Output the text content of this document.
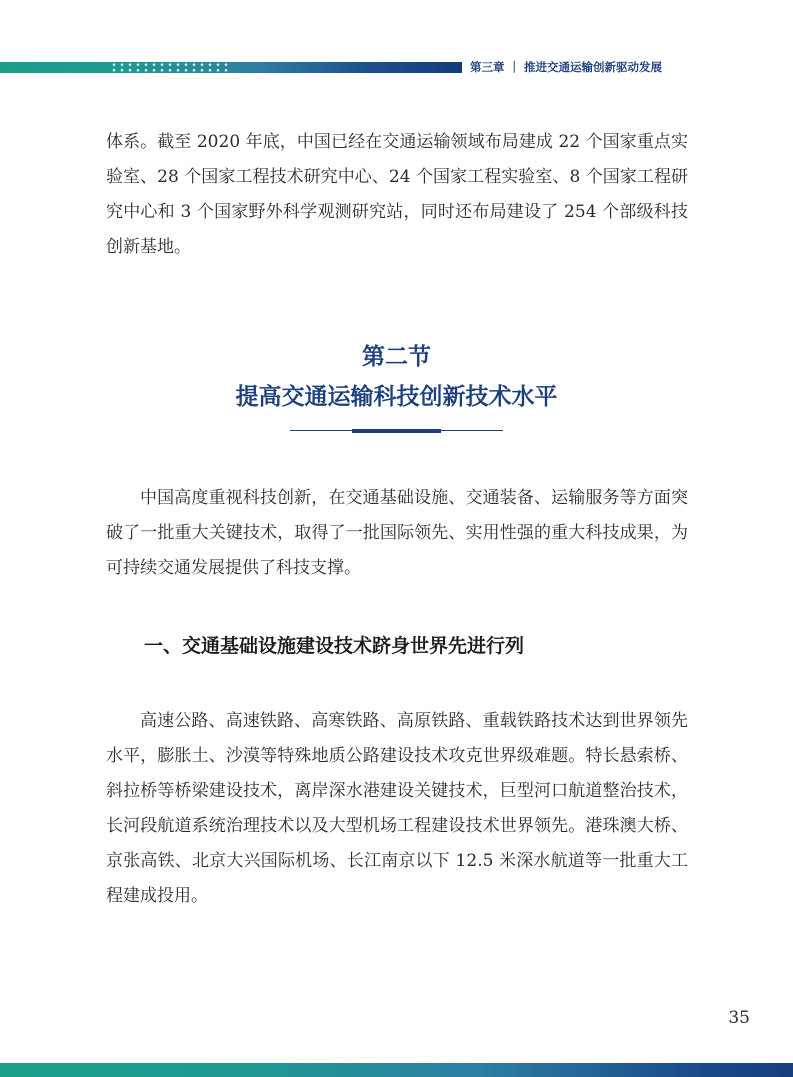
第三章 ｜ 推进交通运输创新驱动发展

体系。截至 2020 年底，中国已经在交通运输领域布局建成 22 个国家重点实验室、28 个国家工程技术研究中心、24 个国家工程实验室、8 个国家工程研究中心和 3 个国家野外科学观测研究站，同时还布局建设了 254 个部级科技创新基地。

第二节
提高交通运输科技创新技术水平

中国高度重视科技创新，在交通基础设施、交通装备、运输服务等方面突破了一批重大关键技术，取得了一批国际领先、实用性强的重大科技成果，为可持续交通发展提供了科技支撑。

一、交通基础设施建设技术跻身世界先进行列

高速公路、高速铁路、高寒铁路、高原铁路、重载铁路技术达到世界领先水平，膨胀土、沙漠等特殊地质公路建设技术攻克世界级难题。特长悬索桥、斜拉桥等桥梁建设技术，离岸深水港建设关键技术，巨型河口航道整治技术，长河段航道系统治理技术以及大型机场工程建设技术世界领先。港珠澳大桥、京张高铁、北京大兴国际机场、长江南京以下 12.5 米深水航道等一批重大工程建成投用。

35
